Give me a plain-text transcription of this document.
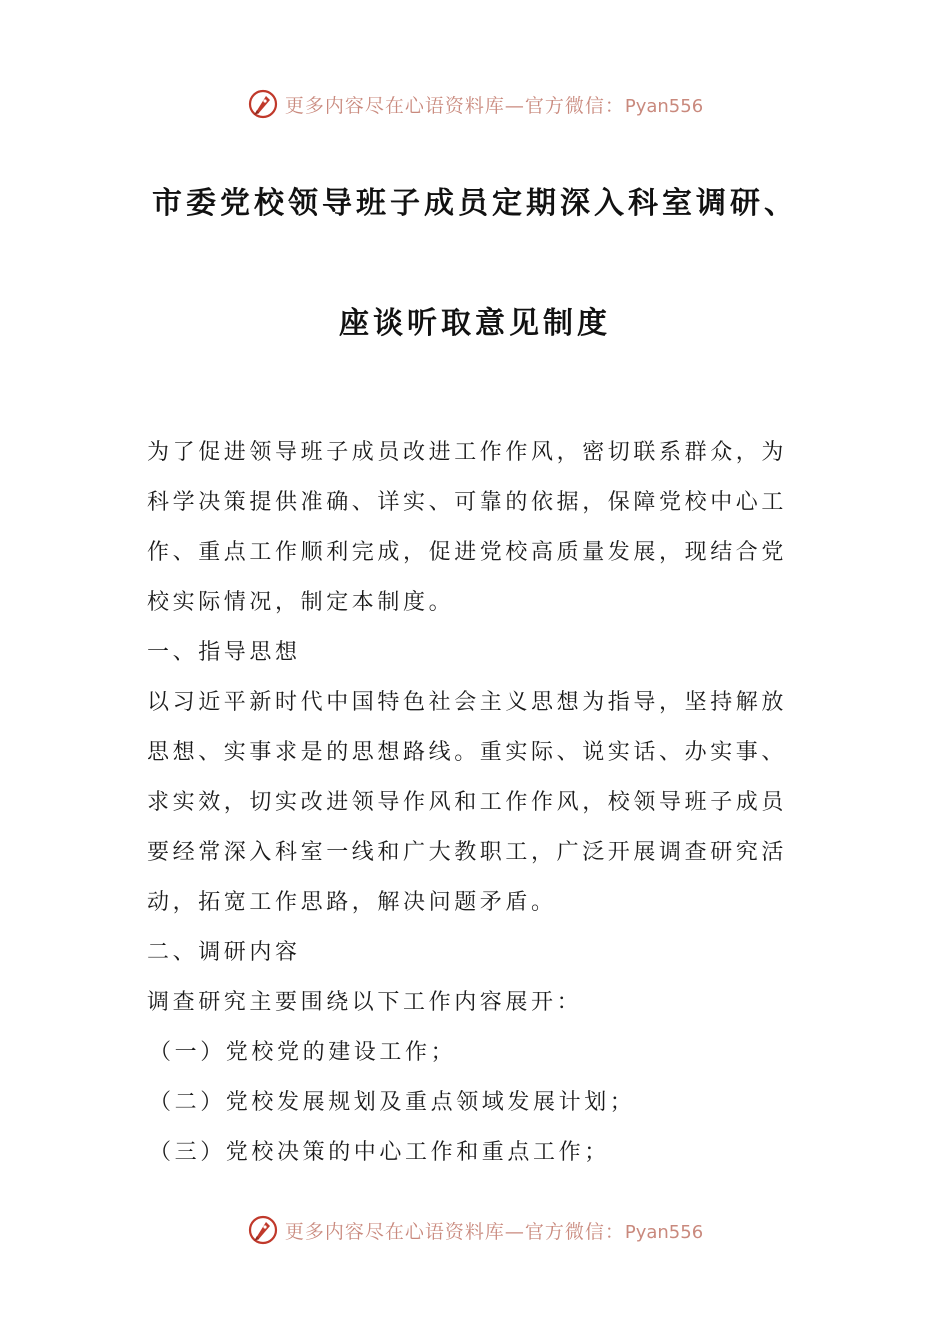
更多内容尽在心语资料库—官方微信：Pyan556
市委党校领导班子成员定期深入科室调研、
座谈听取意见制度

为了促进领导班子成员改进工作作风，密切联系群众，为科学决策提供准确、详实、可靠的依据，保障党校中心工作、重点工作顺利完成，促进党校高质量发展，现结合党校实际情况，制定本制度。

一、指导思想

以习近平新时代中国特色社会主义思想为指导，坚持解放思想、实事求是的思想路线。重实际、说实话、办实事、求实效，切实改进领导作风和工作作风，校领导班子成员要经常深入科室一线和广大教职工，广泛开展调查研究活动，拓宽工作思路，解决问题矛盾。

二、调研内容

调查研究主要围绕以下工作内容展开：

（一）党校党的建设工作；

（二）党校发展规划及重点领域发展计划；

（三）党校决策的中心工作和重点工作；

更多内容尽在心语资料库—官方微信：Pyan556
